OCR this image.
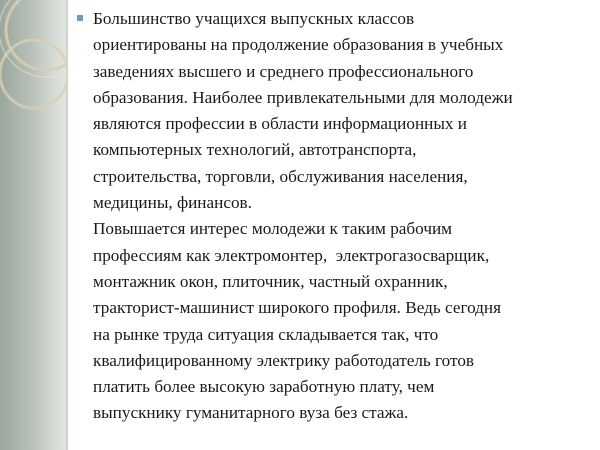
Большинство учащихся выпускных классов
ориентированы на продолжение образования в учебных
заведениях высшего и среднего профессионального
образования. Наиболее привлекательными для молодежи
являются профессии в области информационных и
компьютерных технологий, автотранспорта,
строительства, торговли, обслуживания населения,
медицины, финансов.
Повышается интерес молодежи к таким рабочим
профессиям как электромонтер,  электрогазосварщик,
монтажник окон, плиточник, частный охранник,
тракторист-машинист широкого профиля. Ведь сегодня
на рынке труда ситуация складывается так, что
квалифицированному электрику работодатель готов
платить более высокую заработную плату, чем
выпускнику гуманитарного вуза без стажа.
